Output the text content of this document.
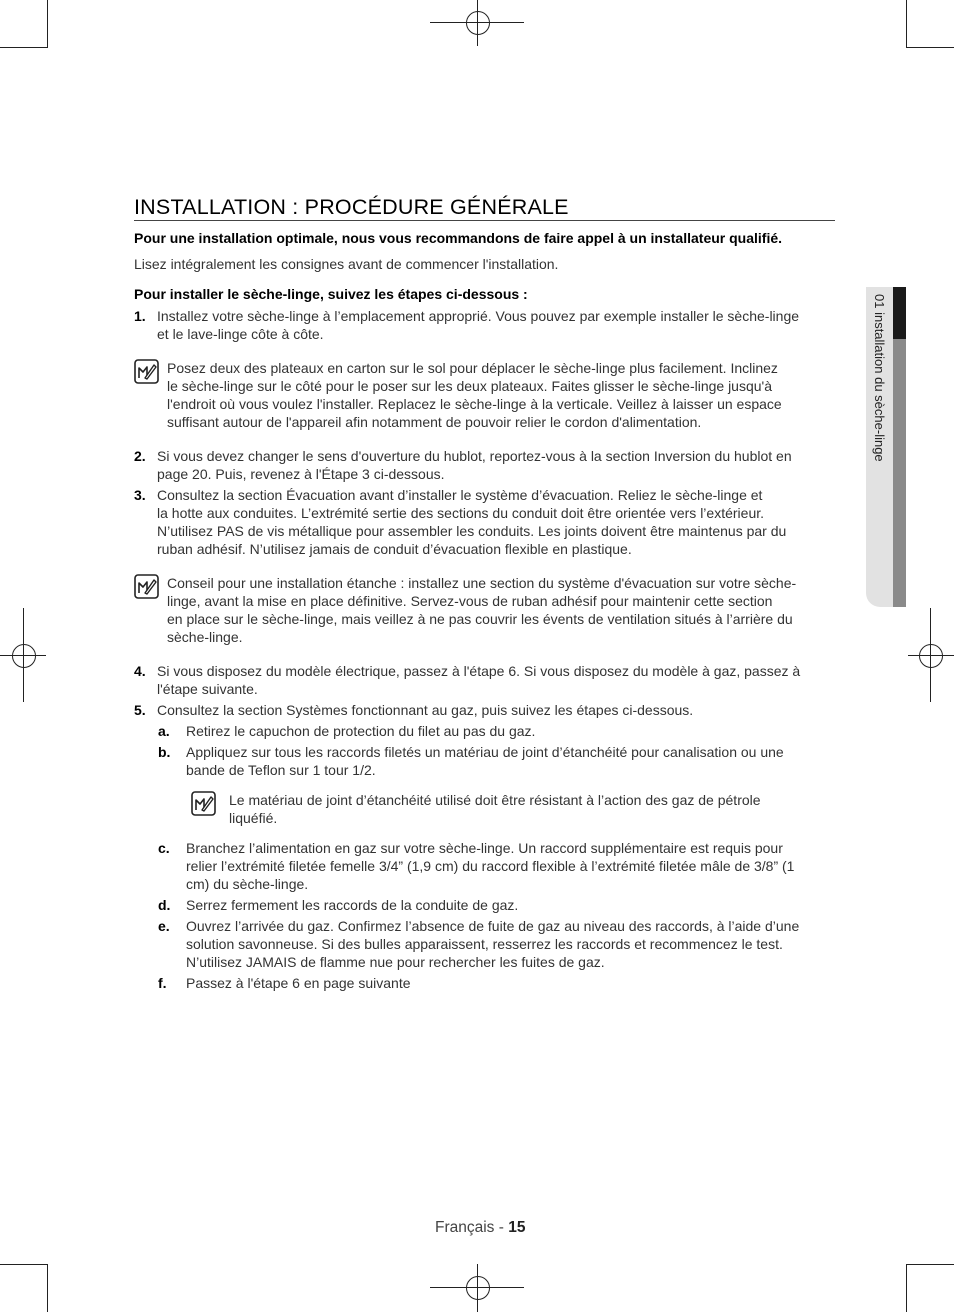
01 installation du sèche-linge
INSTALLATION : PROCÉDURE GÉNÉRALE

Pour une installation optimale, nous vous recommandons de faire appel à un installateur qualifié.

Lisez intégralement les consignes avant de commencer l'installation.

Pour installer le sèche-linge, suivez les étapes ci-dessous :

1. Installez votre sèche-linge à l’emplacement approprié. Vous pouvez par exemple installer le sèche-linge
et le lave-linge côte à côte.
Posez deux des plateaux en carton sur le sol pour déplacer le sèche-linge plus facilement. Inclinez
le sèche-linge sur le côté pour le poser sur les deux plateaux. Faites glisser le sèche-linge jusqu'à
l'endroit où vous voulez l'installer. Replacez le sèche-linge à la verticale. Veillez à laisser un espace
suffisant autour de l'appareil afin notamment de pouvoir relier le cordon d'alimentation.
2. Si vous devez changer le sens d'ouverture du hublot, reportez-vous à la section Inversion du hublot en
page 20. Puis, revenez à l'Étape 3 ci-dessous.
3. Consultez la section Évacuation avant d’installer le système d’évacuation. Reliez le sèche-linge et
la hotte aux conduites. L’extrémité sertie des sections du conduit doit être orientée vers l’extérieur.
N’utilisez PAS de vis métallique pour assembler les conduits. Les joints doivent être maintenus par du
ruban adhésif. N’utilisez jamais de conduit d’évacuation flexible en plastique.
Conseil pour une installation étanche : installez une section du système d'évacuation sur votre sèche-
linge, avant la mise en place définitive. Servez-vous de ruban adhésif pour maintenir cette section
en place sur le sèche-linge, mais veillez à ne pas couvrir les évents de ventilation situés à l’arrière du
sèche-linge.
4. Si vous disposez du modèle électrique, passez à l'étape 6. Si vous disposez du modèle à gaz, passez à
l'étape suivante.
5. Consultez la section Systèmes fonctionnant au gaz, puis suivez les étapes ci-dessous.
a. Retirez le capuchon de protection du filet au pas du gaz.
b. Appliquez sur tous les raccords filetés un matériau de joint d’étanchéité pour canalisation ou une
bande de Teflon sur 1 tour 1/2.
Le matériau de joint d’étanchéité utilisé doit être résistant à l’action des gaz de pétrole
liquéfié.
c. Branchez l’alimentation en gaz sur votre sèche-linge. Un raccord supplémentaire est requis pour
relier l’extrémité filetée femelle 3/4” (1,9 cm) du raccord flexible à l’extrémité filetée mâle de 3/8” (1
cm) du sèche-linge.
d. Serrez fermement les raccords de la conduite de gaz.
e. Ouvrez l’arrivée du gaz. Confirmez l’absence de fuite de gaz au niveau des raccords, à l’aide d’une
solution savonneuse. Si des bulles apparaissent, resserrez les raccords et recommencez le test.
N’utilisez JAMAIS de flamme nue pour rechercher les fuites de gaz.
f. Passez à l'étape 6 en page suivante
Français - 15
